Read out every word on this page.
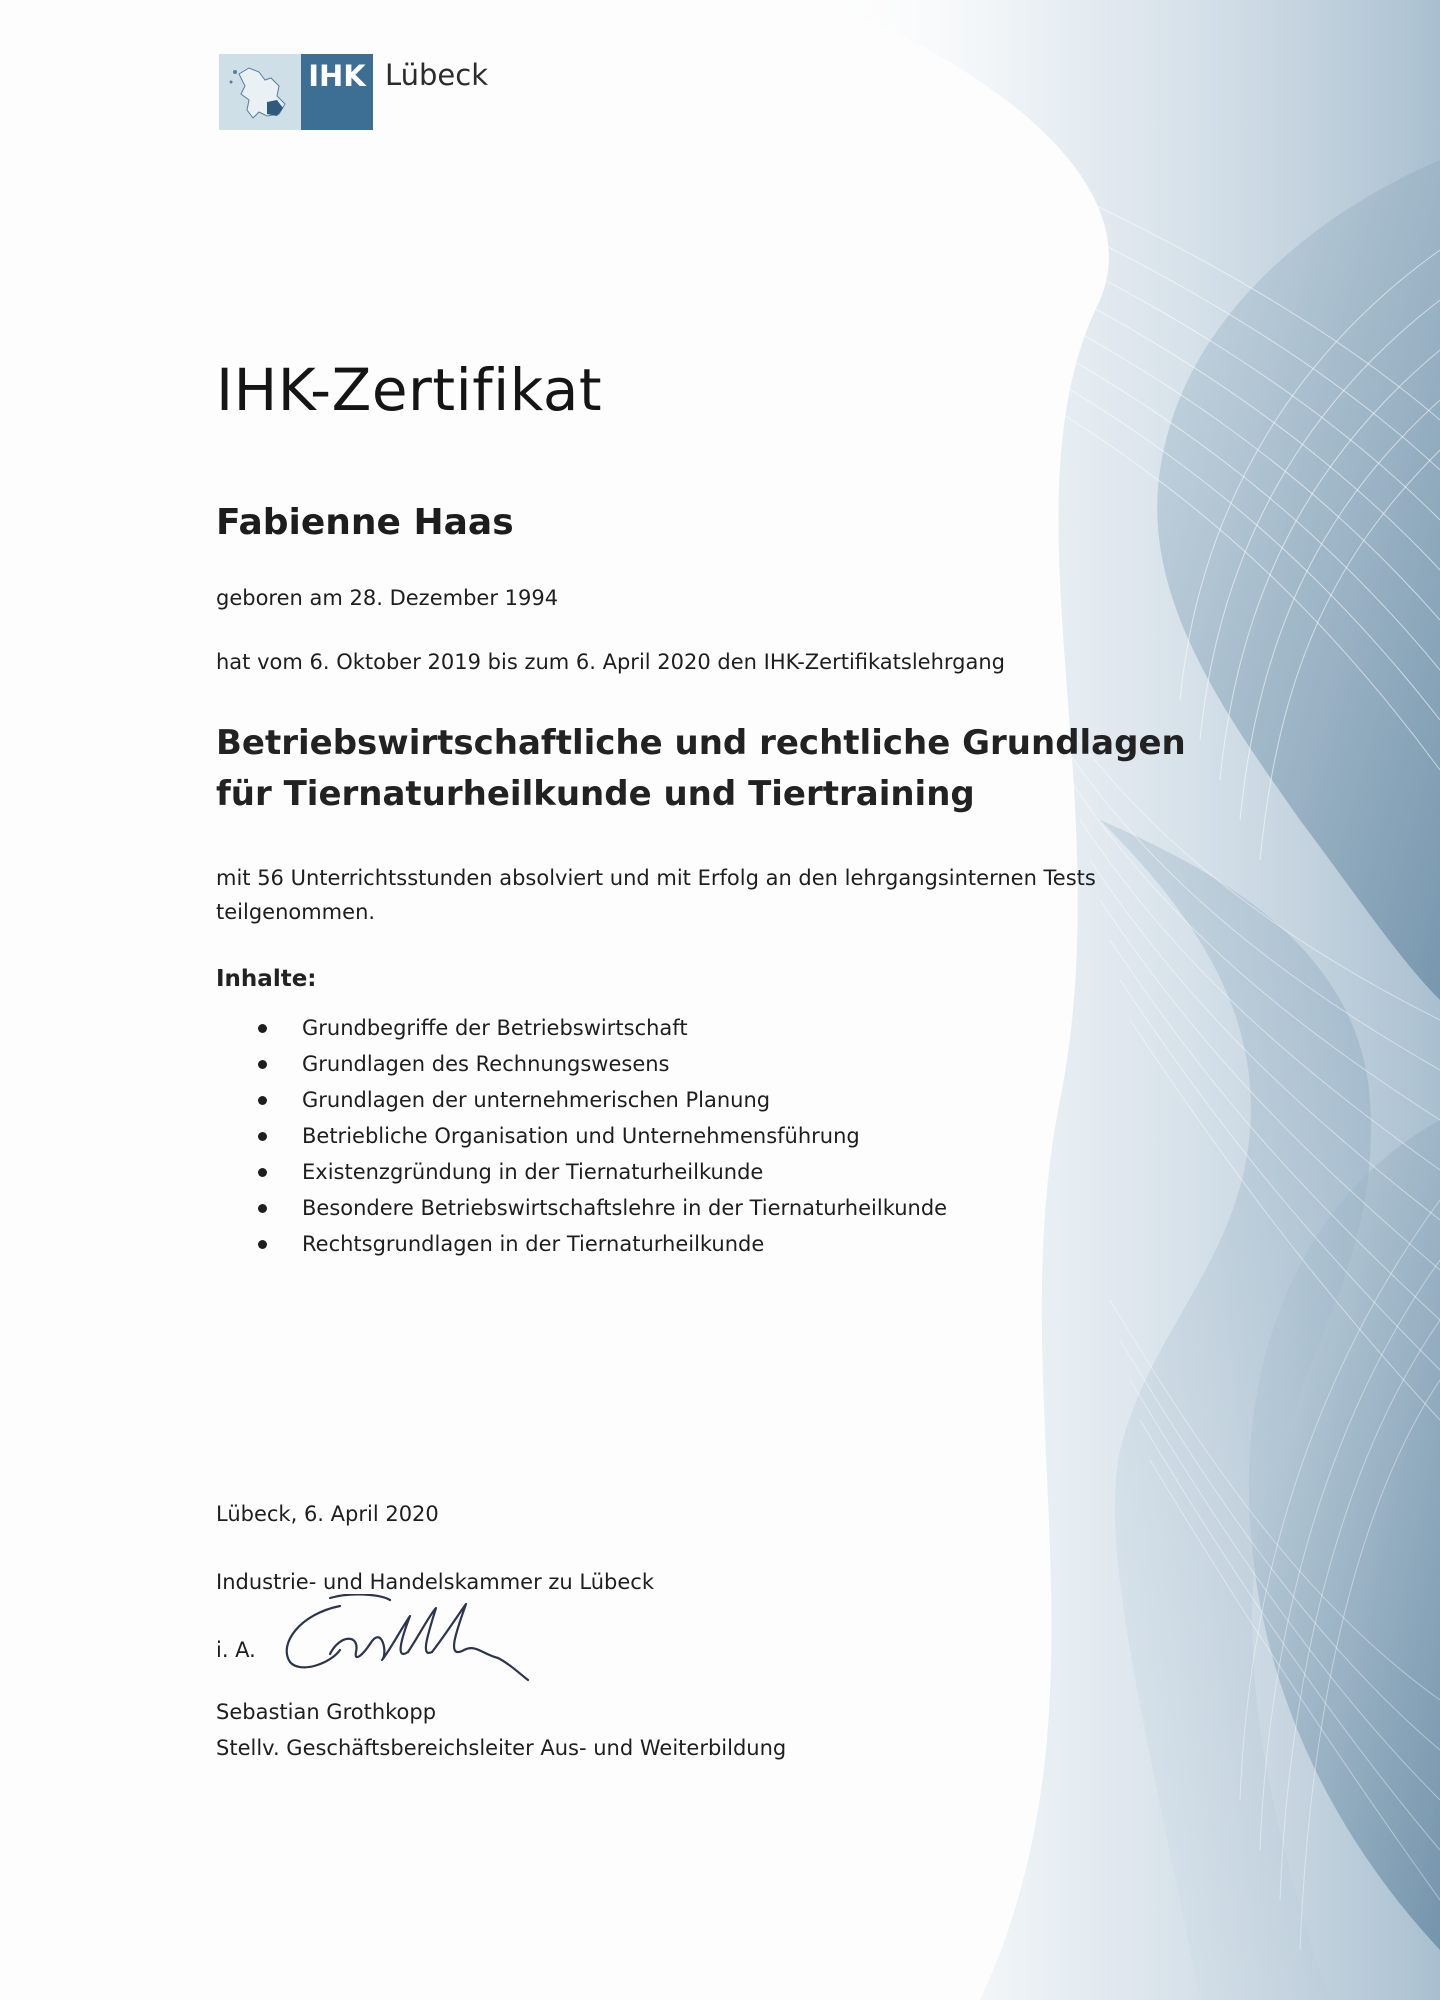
IHK Lübeck
IHK-Zertifikat
Fabienne Haas
geboren am 28. Dezember 1994
hat vom 6. Oktober 2019 bis zum 6. April 2020 den IHK-Zertifikatslehrgang
Betriebswirtschaftliche und rechtliche Grundlagen
für Tiernaturheilkunde und Tiertraining
mit 56 Unterrichtsstunden absolviert und mit Erfolg an den lehrgangsinternen Tests
teilgenommen.
Inhalte:
Grundbegriffe der Betriebswirtschaft
Grundlagen des Rechnungswesens
Grundlagen der unternehmerischen Planung
Betriebliche Organisation und Unternehmensführung
Existenzgründung in der Tiernaturheilkunde
Besondere Betriebswirtschaftslehre in der Tiernaturheilkunde
Rechtsgrundlagen in der Tiernaturheilkunde
Lübeck, 6. April 2020
Industrie- und Handelskammer zu Lübeck
i. A.
Sebastian Grothkopp
Stellv. Geschäftsbereichsleiter Aus- und Weiterbildung
